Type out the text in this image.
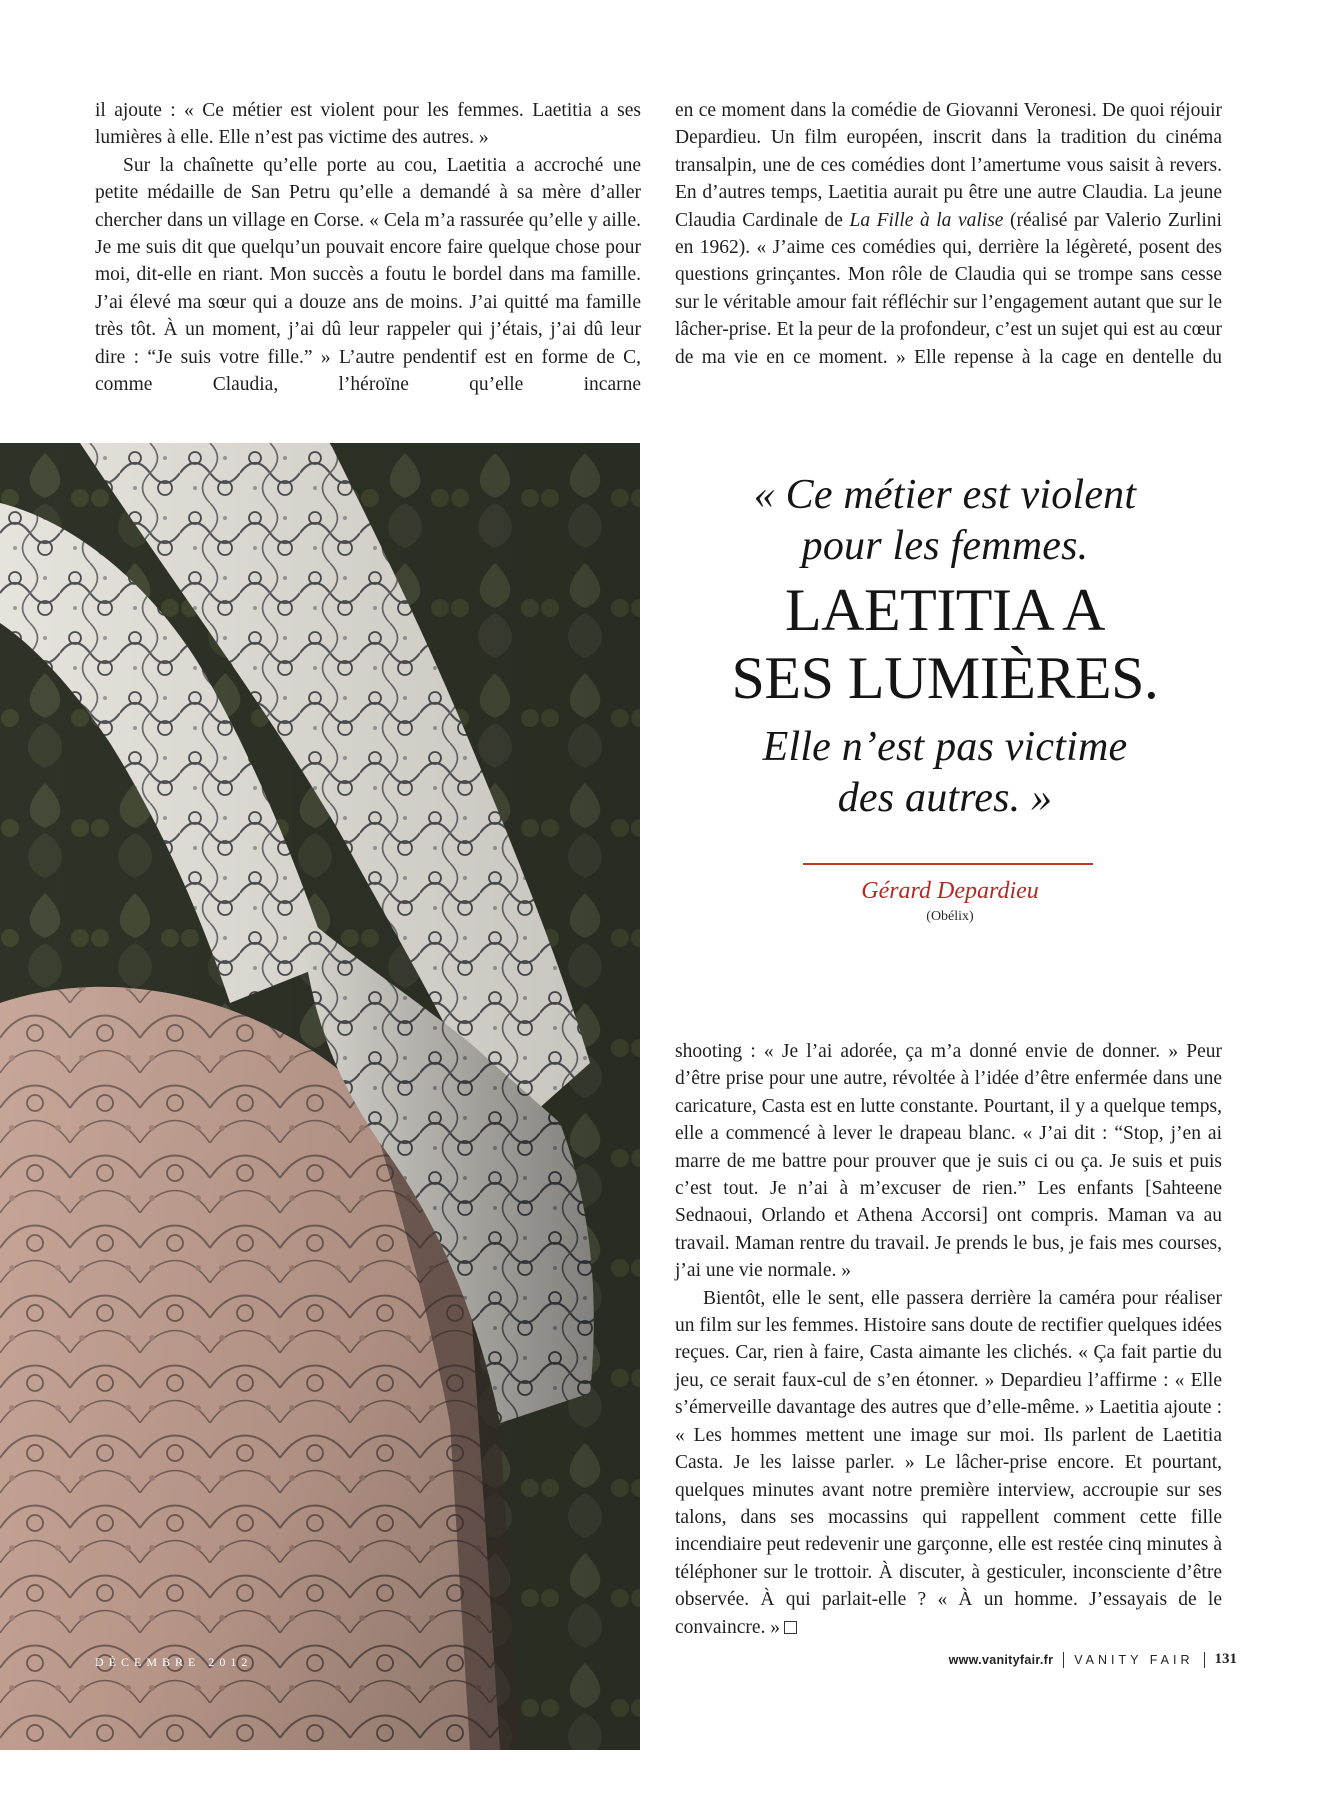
il ajoute : « Ce métier est violent pour les femmes. Laetitia a ses lumières à elle. Elle n’est pas victime des autres. »

Sur la chaînette qu’elle porte au cou, Laetitia a accroché une petite médaille de San Petru qu’elle a demandé à sa mère d’aller chercher dans un village en Corse. « Cela m’a rassurée qu’elle y aille. Je me suis dit que quelqu’un pouvait encore faire quelque chose pour moi, dit-elle en riant. Mon succès a foutu le bordel dans ma famille. J’ai élevé ma sœur qui a douze ans de moins. J’ai quitté ma famille très tôt. À un moment, j’ai dû leur rappeler qui j’étais, j’ai dû leur dire : “Je suis votre fille.” » L’autre pendentif est en forme de C, comme Claudia, l’héroïne qu’elle incarne

en ce moment dans la comédie de Giovanni Veronesi. De quoi réjouir Depardieu. Un film européen, inscrit dans la tradition du cinéma transalpin, une de ces comédies dont l’amertume vous saisit à revers. En d’autres temps, Laetitia aurait pu être une autre Claudia. La jeune Claudia Cardinale de La Fille à la valise (réalisé par Valerio Zurlini en 1962). « J’aime ces comédies qui, derrière la légèreté, posent des questions grinçantes. Mon rôle de Claudia qui se trompe sans cesse sur le véritable amour fait réfléchir sur l’engagement autant que sur le lâcher-prise. Et la peur de la profondeur, c’est un sujet qui est au cœur de ma vie en ce moment. » Elle repense à la cage en dentelle du

« Ce métier est violent
pour les femmes.
LAETITIA A
SES LUMIÈRES.
Elle n’est pas victime
des autres. »
Gérard Depardieu
(Obélix)

shooting : « Je l’ai adorée, ça m’a donné envie de donner. » Peur d’être prise pour une autre, révoltée à l’idée d’être enfermée dans une caricature, Casta est en lutte constante. Pourtant, il y a quelque temps, elle a commencé à lever le drapeau blanc. « J’ai dit : “Stop, j’en ai marre de me battre pour prouver que je suis ci ou ça. Je suis et puis c’est tout. Je n’ai à m’excuser de rien.” Les enfants [Sahteene Sednaoui, Orlando et Athena Accorsi] ont compris. Maman va au travail. Maman rentre du travail. Je prends le bus, je fais mes courses, j’ai une vie normale. »

Bientôt, elle le sent, elle passera derrière la caméra pour réaliser un film sur les femmes. Histoire sans doute de rectifier quelques idées reçues. Car, rien à faire, Casta aimante les clichés. « Ça fait partie du jeu, ce serait faux-cul de s’en étonner. » Depardieu l’affirme : « Elle s’émerveille davantage des autres que d’elle-même. » Laetitia ajoute : « Les hommes mettent une image sur moi. Ils parlent de Laetitia Casta. Je les laisse parler. » Le lâcher-prise encore. Et pourtant, quelques minutes avant notre première interview, accroupie sur ses talons, dans ses mocassins qui rappellent comment cette fille incendiaire peut redevenir une garçonne, elle est restée cinq minutes à téléphoner sur le trottoir. À discuter, à gesticuler, inconsciente d’être observée. À qui parlait-elle ? « À un homme. J’essayais de le convaincre. »

DÉCEMBRE 2012	www.vanityfair.fr VANITY FAIR 131
